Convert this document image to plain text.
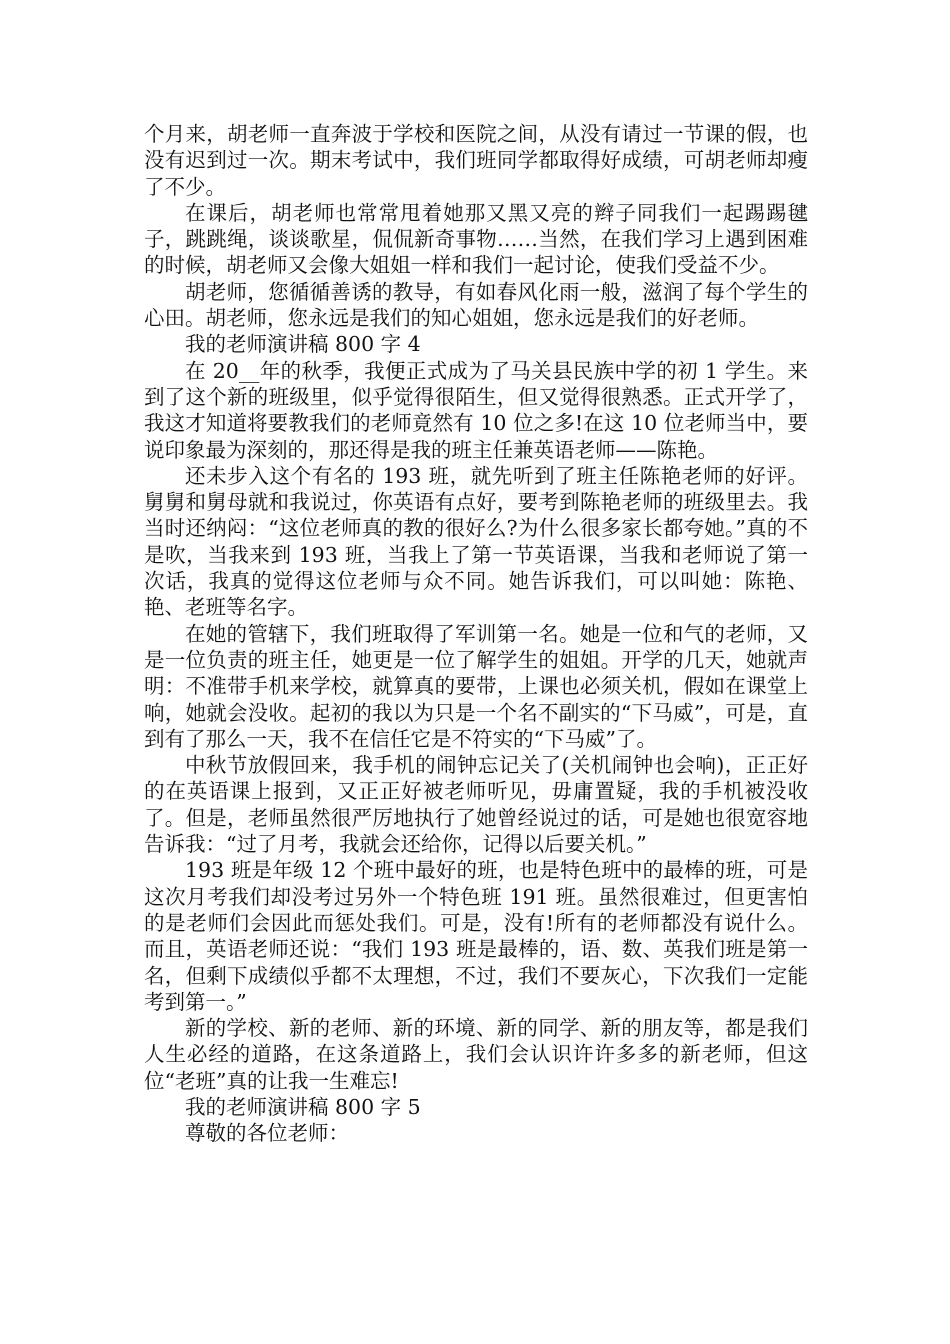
个月来，胡老师一直奔波于学校和医院之间，从没有请过一节课的假，也没有迟到过一次。期末考试中，我们班同学都取得好成绩，可胡老师却瘦了不少。

在课后，胡老师也常常甩着她那又黑又亮的辫子同我们一起踢踢毽子，跳跳绳，谈谈歌星，侃侃新奇事物……当然，在我们学习上遇到困难的时候，胡老师又会像大姐姐一样和我们一起讨论，使我们受益不少。

胡老师，您循循善诱的教导，有如春风化雨一般，滋润了每个学生的心田。胡老师，您永远是我们的知心姐姐，您永远是我们的好老师。

我的老师演讲稿 800 字 4

在 20__年的秋季，我便正式成为了马关县民族中学的初 1 学生。来到了这个新的班级里，似乎觉得很陌生，但又觉得很熟悉。正式开学了，我这才知道将要教我们的老师竟然有 10 位之多!在这 10 位老师当中，要说印象最为深刻的，那还得是我的班主任兼英语老师——陈艳。

还未步入这个有名的 193 班，就先听到了班主任陈艳老师的好评。舅舅和舅母就和我说过，你英语有点好，要考到陈艳老师的班级里去。我当时还纳闷：“这位老师真的教的很好么?为什么很多家长都夸她。”真的不是吹，当我来到 193 班，当我上了第一节英语课，当我和老师说了第一次话，我真的觉得这位老师与众不同。她告诉我们，可以叫她：陈艳、艳、老班等名字。

在她的管辖下，我们班取得了军训第一名。她是一位和气的老师，又是一位负责的班主任，她更是一位了解学生的姐姐。开学的几天，她就声明：不准带手机来学校，就算真的要带，上课也必须关机，假如在课堂上响，她就会没收。起初的我以为只是一个名不副实的“下马威”，可是，直到有了那么一天，我不在信任它是不符实的“下马威”了。

中秋节放假回来，我手机的闹钟忘记关了(关机闹钟也会响)，正正好的在英语课上报到，又正正好被老师听见，毋庸置疑，我的手机被没收了。但是，老师虽然很严厉地执行了她曾经说过的话，可是她也很宽容地告诉我：“过了月考，我就会还给你，记得以后要关机。”

193 班是年级 12 个班中最好的班，也是特色班中的最棒的班，可是这次月考我们却没考过另外一个特色班 191 班。虽然很难过，但更害怕的是老师们会因此而惩处我们。可是，没有!所有的老师都没有说什么。而且，英语老师还说：“我们 193 班是最棒的，语、数、英我们班是第一名，但剩下成绩似乎都不太理想，不过，我们不要灰心，下次我们一定能考到第一。”

新的学校、新的老师、新的环境、新的同学、新的朋友等，都是我们人生必经的道路，在这条道路上，我们会认识许许多多的新老师，但这位“老班”真的让我一生难忘!

我的老师演讲稿 800 字 5

尊敬的各位老师：
